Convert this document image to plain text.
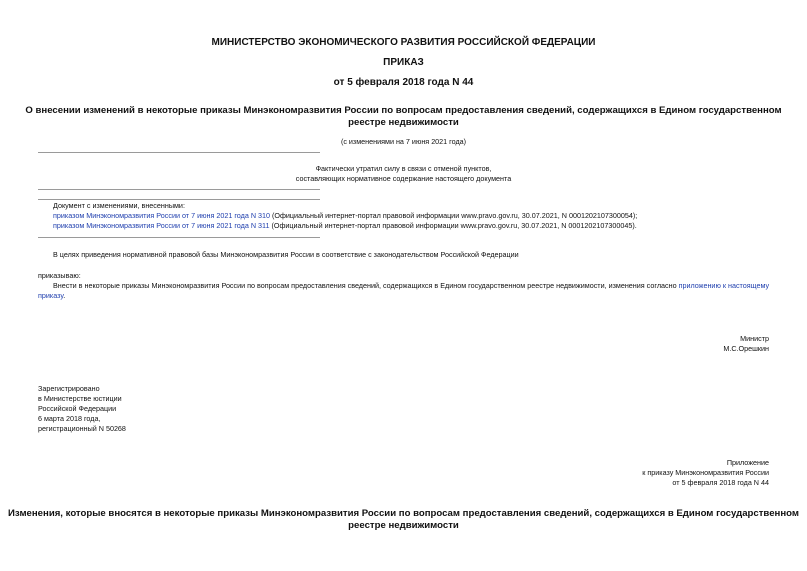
МИНИСТЕРСТВО ЭКОНОМИЧЕСКОГО РАЗВИТИЯ РОССИЙСКОЙ ФЕДЕРАЦИИ
ПРИКАЗ
от 5 февраля 2018 года N 44
О внесении изменений в некоторые приказы Минэкономразвития России по вопросам предоставления сведений, содержащихся в Едином государственном
реестре недвижимости
(с изменениями на 7 июня 2021 года)
Фактически утратил силу в связи с отменой пунктов,
составляющих нормативное содержание настоящего документа
Документ с изменениями, внесенными:
приказом Минэкономразвития России от 7 июня 2021 года N 310 (Официальный интернет-портал правовой информации www.pravo.gov.ru, 30.07.2021, N 0001202107300054);
приказом Минэкономразвития России от 7 июня 2021 года N 311 (Официальный интернет-портал правовой информации www.pravo.gov.ru, 30.07.2021, N 0001202107300045).
В целях приведения нормативной правовой базы Минэкономразвития России в соответствие с законодательством Российской Федерации
приказываю:
Внести в некоторые приказы Минэкономразвития России по вопросам предоставления сведений, содержащихся в Едином государственном реестре недвижимости, изменения согласно приложению к настоящему
приказу.
Министр
М.С.Орешкин
Зарегистрировано
в Министерстве юстиции
Российской Федерации
6 марта 2018 года,
регистрационный N 50268
Приложение
к приказу Минэкономразвития России
от 5 февраля 2018 года N 44
Изменения, которые вносятся в некоторые приказы Минэкономразвития России по вопросам предоставления сведений, содержащихся в Едином государственном
реестре недвижимости
